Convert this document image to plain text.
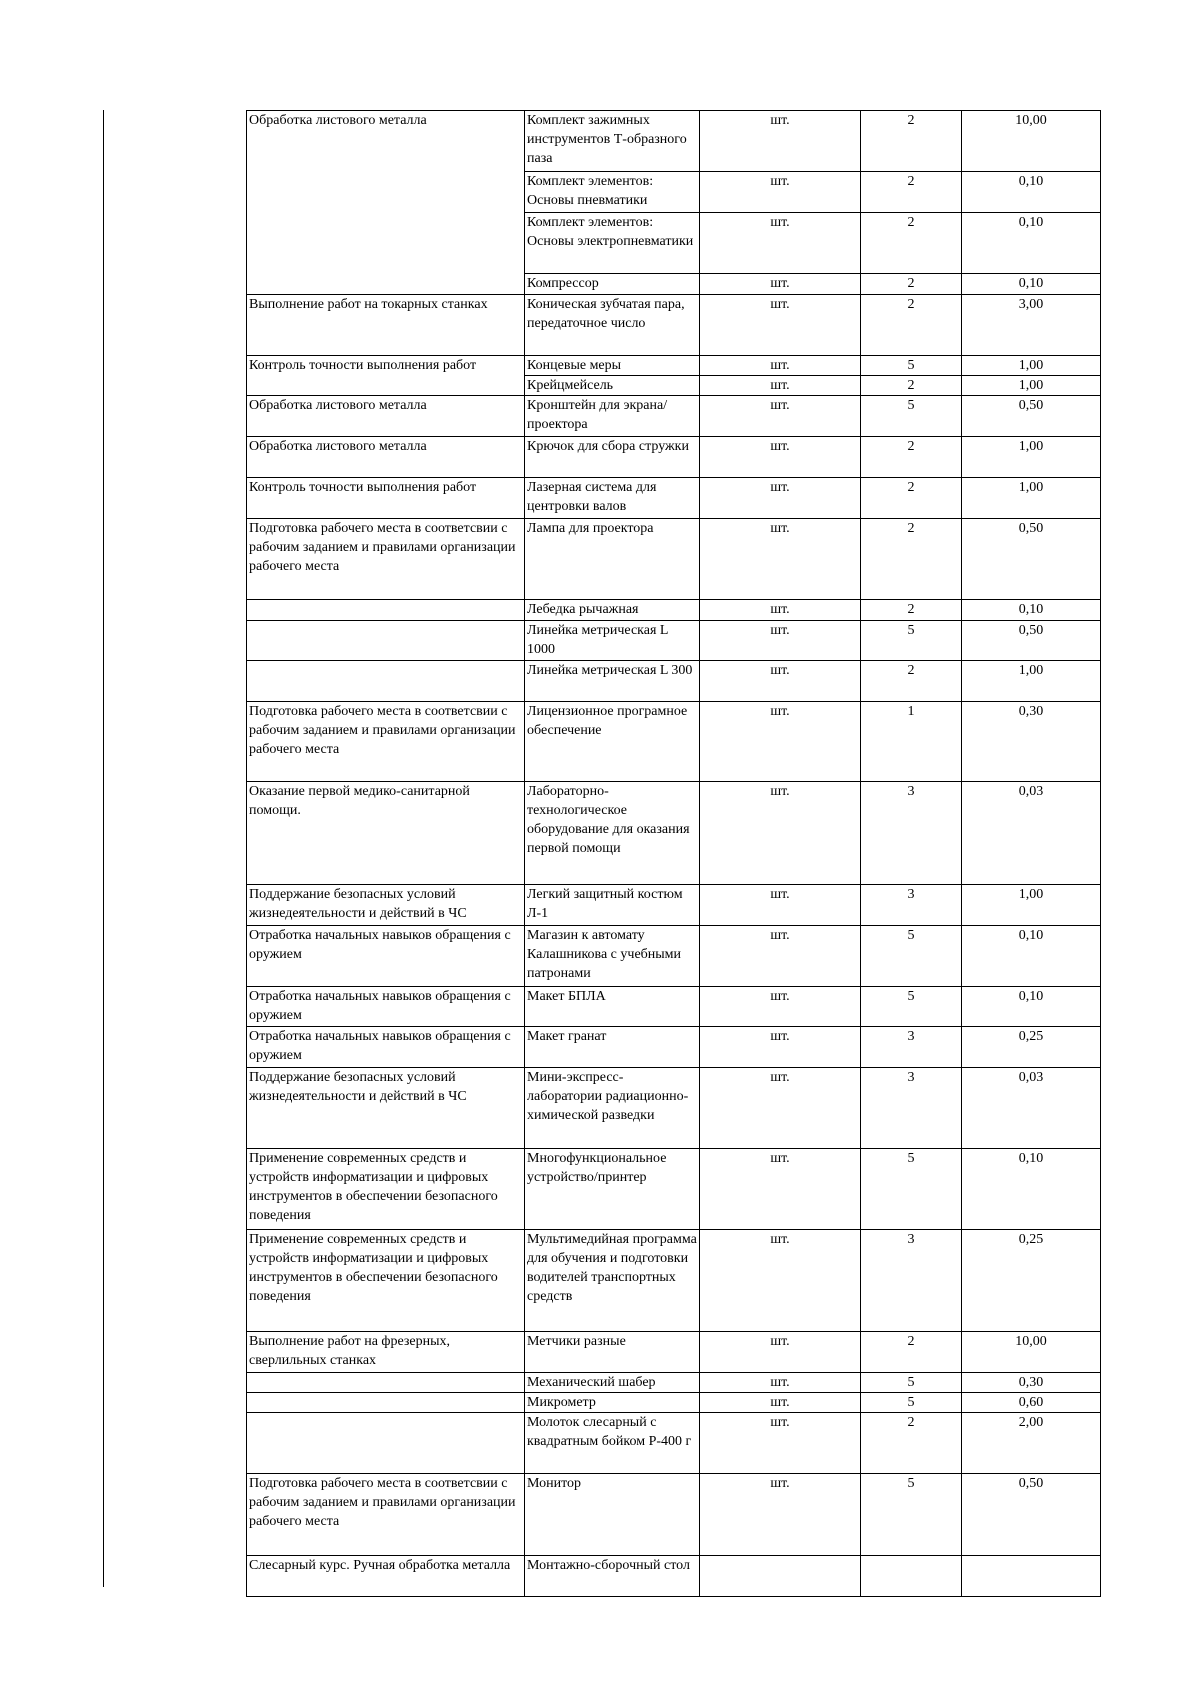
Обработка листового металла	Комплект зажимных инструментов Т-образного паза	шт.	2	10,00
	Комплект элементов: Основы пневматики	шт.	2	0,10
	Комплект элементов: Основы электропневматики	шт.	2	0,10
	Компрессор	шт.	2	0,10
Выполнение работ на токарных станках	Коническая зубчатая пара, передаточное число	шт.	2	3,00
Контроль точности выполнения работ	Концевые меры	шт.	5	1,00
	Крейцмейсель	шт.	2	1,00
Обработка листового металла	Кронштейн для экрана/ проектора	шт.	5	0,50
Обработка листового металла	Крючок для сбора стружки	шт.	2	1,00
Контроль точности выполнения работ	Лазерная система для центровки валов	шт.	2	1,00
Подготовка рабочего места в соответсвии с рабочим заданием и правилами организации рабочего места	Лампа для проектора	шт.	2	0,50
	Лебедка рычажная	шт.	2	0,10
	Линейка метрическая L 1000	шт.	5	0,50
	Линейка метрическая L 300	шт.	2	1,00
Подготовка рабочего места в соответсвии с рабочим заданием и правилами организации рабочего места	Лицензионное програмное обеспечение	шт.	1	0,30
Оказание первой медико-санитарной помощи.	Лабораторно-технологическое оборудование для оказания первой помощи	шт.	3	0,03
Поддержание безопасных условий жизнедеятельности и действий в ЧС	Легкий защитный костюм Л-1	шт.	3	1,00
Отработка начальных навыков обращения с оружием	Магазин к автомату Калашникова с учебными патронами	шт.	5	0,10
Отработка начальных навыков обращения с оружием	Макет БПЛА	шт.	5	0,10
Отработка начальных навыков обращения с оружием	Макет гранат	шт.	3	0,25
Поддержание безопасных условий жизнедеятельности и действий в ЧС	Мини-экспресс-лаборатории радиационно-химической разведки	шт.	3	0,03
Применение современных средств и устройств информатизации и цифровых инструментов в обеспечении безопасного поведения	Многофункциональное устройство/принтер	шт.	5	0,10
Применение современных средств и устройств информатизации и цифровых инструментов в обеспечении безопасного поведения	Мультимедийная программа для обучения и подготовки водителей транспортных средств	шт.	3	0,25
Выполнение работ на фрезерных, сверлильных станках	Метчики разные	шт.	2	10,00
	Механический шабер	шт.	5	0,30
	Микрометр	шт.	5	0,60
	Молоток слесарный с квадратным бойком Р-400 г	шт.	2	2,00
Подготовка рабочего места в соответсвии с рабочим заданием и правилами организации рабочего места	Монитор	шт.	5	0,50
Слесарный курс. Ручная обработка металла	Монтажно-сборочный стол			
